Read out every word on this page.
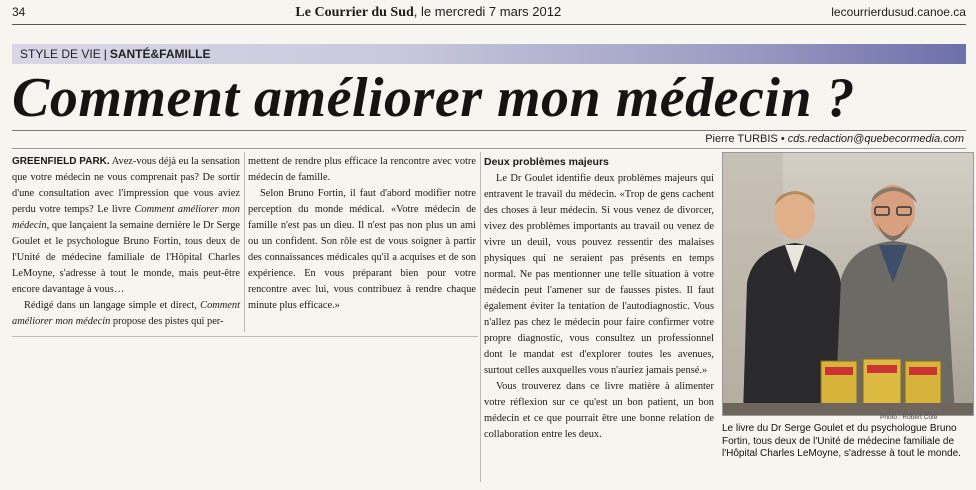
34	Le Courrier du Sud, le mercredi 7 mars 2012	lecourrierdusud.canoe.ca
STYLE DE VIE | SANTÉ&FAMILLE
Comment améliorer mon médecin ?
Pierre TURBIS • cds.redaction@quebecormedia.com

GREENFIELD PARK. Avez-vous déjà eu la sensation que votre médecin ne vous comprenait pas? De sortir d'une consultation avec l'impression que vous aviez perdu votre temps? Le livre Comment améliorer mon médecin, que lançaient la semaine dernière le Dr Serge Goulet et le psychologue Bruno Fortin, tous deux de l'Unité de médecine familiale de l'Hôpital Charles LeMoyne, s'adresse à tout le monde, mais peut-être encore davantage à vous…

Rédigé dans un langage simple et direct, Comment améliorer mon médecin propose des pistes qui per-

mettent de rendre plus efficace la rencontre avec votre médecin de famille.

Selon Bruno Fortin, il faut d'abord modifier notre perception du monde médical. «Votre médecin de famille n'est pas un dieu. Il n'est pas non plus un ami ou un confident. Son rôle est de vous soigner à partir des connaissances médicales qu'il a acquises et de son expérience. En vous préparant bien pour votre rencontre avec lui, vous contribuez à rendre chaque minute plus efficace.»

Deux problèmes majeurs

Le Dr Goulet identifie deux problèmes majeurs qui entravent le travail du médecin. «Trop de gens cachent des choses à leur médecin. Si vous venez de divorcer, vivez des problèmes importants au travail ou venez de vivre un deuil, vous pouvez ressentir des malaises physiques qui ne seraient pas présents en temps normal. Ne pas mentionner une telle situation à votre médecin peut l'amener sur de fausses pistes. Il faut également éviter la tentation de l'autodiagnostic. Vous n'allez pas chez le médecin pour faire confirmer votre propre diagnostic, vous consultez un professionnel dont le mandat est d'explorer toutes les avenues, surtout celles auxquelles vous n'auriez jamais pensé.»

Vous trouverez dans ce livre matière à alimenter votre réflexion sur ce qu'est un bon patient, un bon médecin et ce que pourrait être une bonne relation de collaboration entre les deux.

Photo : Robert Côté
Le livre du Dr Serge Goulet et du psychologue Bruno Fortin, tous deux de l'Unité de médecine familiale de l'Hôpital Charles LeMoyne, s'adresse à tout le monde.
